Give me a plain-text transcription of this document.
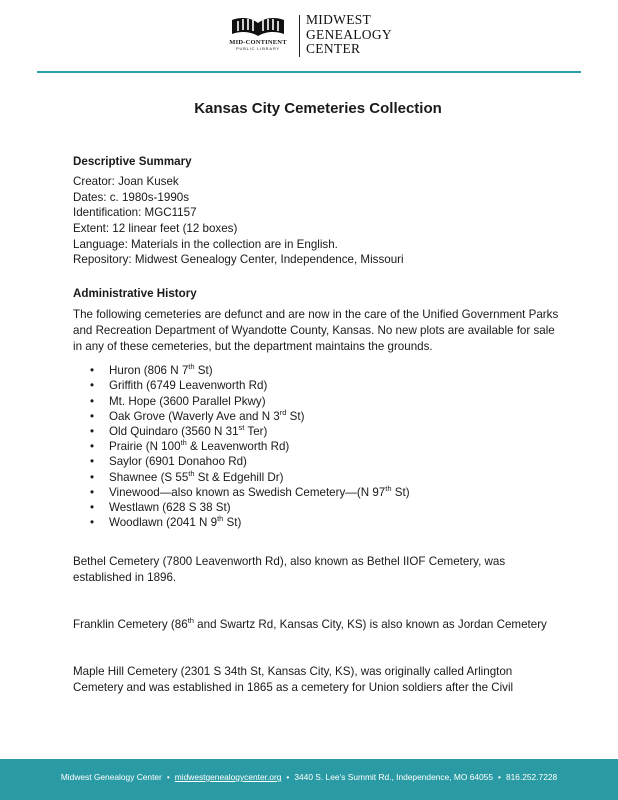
MID-CONTINENT
PUBLIC LIBRARY
MIDWEST
GENEALOGY
CENTER
Kansas City Cemeteries Collection
Descriptive Summary
Creator: Joan Kusek
Dates: c. 1980s-1990s
Identification: MGC1157
Extent: 12 linear feet (12 boxes)
Language: Materials in the collection are in English.
Repository: Midwest Genealogy Center, Independence, Missouri
Administrative History

The following cemeteries are defunct and are now in the care of the Unified Government Parks and Recreation Department of Wyandotte County, Kansas. No new plots are available for sale in any of these cemeteries, but the department maintains the grounds.

• Huron (806 N 7th St)
• Griffith (6749 Leavenworth Rd)
• Mt. Hope (3600 Parallel Pkwy)
• Oak Grove (Waverly Ave and N 3rd St)
• Old Quindaro (3560 N 31st Ter)
• Prairie (N 100th & Leavenworth Rd)
• Saylor (6901 Donahoo Rd)
• Shawnee (S 55th St & Edgehill Dr)
• Vinewood—also known as Swedish Cemetery—(N 97th St)
• Westlawn (628 S 38 St)
• Woodlawn (2041 N 9th St)

Bethel Cemetery (7800 Leavenworth Rd), also known as Bethel IIOF Cemetery, was established in 1896.

Franklin Cemetery (86th and Swartz Rd, Kansas City, KS) is also known as Jordan Cemetery

Maple Hill Cemetery (2301 S 34th St, Kansas City, KS), was originally called Arlington Cemetery and was established in 1865 as a cemetery for Union soldiers after the Civil

Midwest Genealogy Center • midwestgenealogycenter.org • 3440 S. Lee’s Summit Rd., Independence, MO 64055 • 816.252.7228
